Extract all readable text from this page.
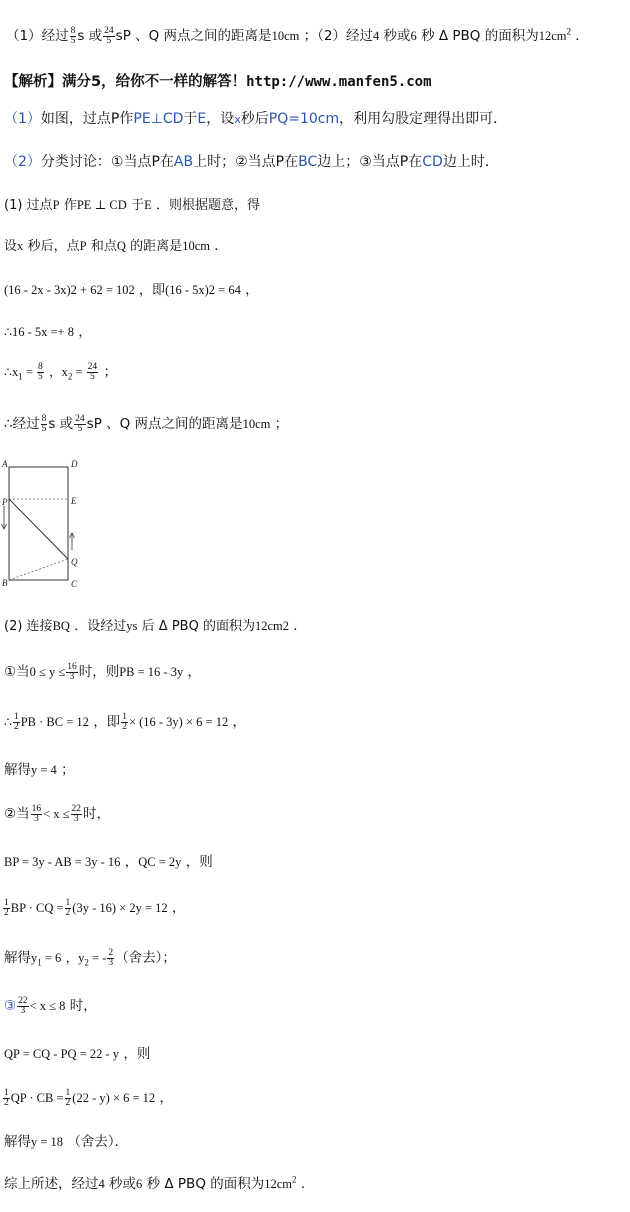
（1）经过 $\frac{8}{5}$ s 或 $\frac{24}{5}$ sP 、Q 两点之间的距离是10cm ；（2）经过4 秒或6 秒 Δ PBQ 的面积为$12cm^2$ ．
【解析】满分5，给你不一样的解答！http://www.manfen5.com
（1）如图，过点P作PE⊥CD于E，设x秒后PQ=10cm，利用勾股定理得出即可．
（2）分类讨论：①当点P在AB上时；②当点P在BC边上；③当点P在CD边上时．
(1) 过点P 作PE ⊥ CD 于E ．则根据题意，得
设x 秒后，点P 和点Q 的距离是10cm ．
(16 - 2x - 3x)2 + 62 = 102 ，即(16 - 5x)2 = 64 ，
∴16 - 5x =+ 8 ，
$\therefore x_1 = \frac{8}{5}$ ，$x_2 = \frac{24}{5}$ ；
∴经过 $\frac{8}{5}$ s 或 $\frac{24}{5}$ sP 、Q 两点之间的距离是10cm ；
A	D
P	E
Q
B	C
(2) 连接BQ ．设经过ys 后 Δ PBQ 的面积为12cm2 ．
①当$0 \le y \le \frac{16}{3}$ 时，则PB = 16 - 3y ，
∴ $\frac{1}{2}$ PB · BC = 12 ，即 $\frac{1}{2} \times (16 - 3y) \times 6 = 12$ ，
解得y = 4 ；
②当 $\frac{16}{3} < x \le \frac{22}{3}$ 时，
BP = 3y - AB = 3y - 16 ，QC = 2y ，则
$\frac{1}{2}$ BP · CQ = $\frac{1}{2} (3y - 16) \times 2y = 12$ ，
解得$y_1 = 6$ ，$y_2$ = - $\frac{2}{3}$ （舍去）；
③ $\frac{22}{3} < x \le 8$ 时，
QP = CQ - PQ = 22 - y ，则
$\frac{1}{2}$ QP · CB = $\frac{1}{2} (22 - y) \times 6 = 12$ ，
解得y = 18 （舍去）．
综上所述，经过4 秒或6 秒 Δ PBQ 的面积为$12cm^2$ ．
